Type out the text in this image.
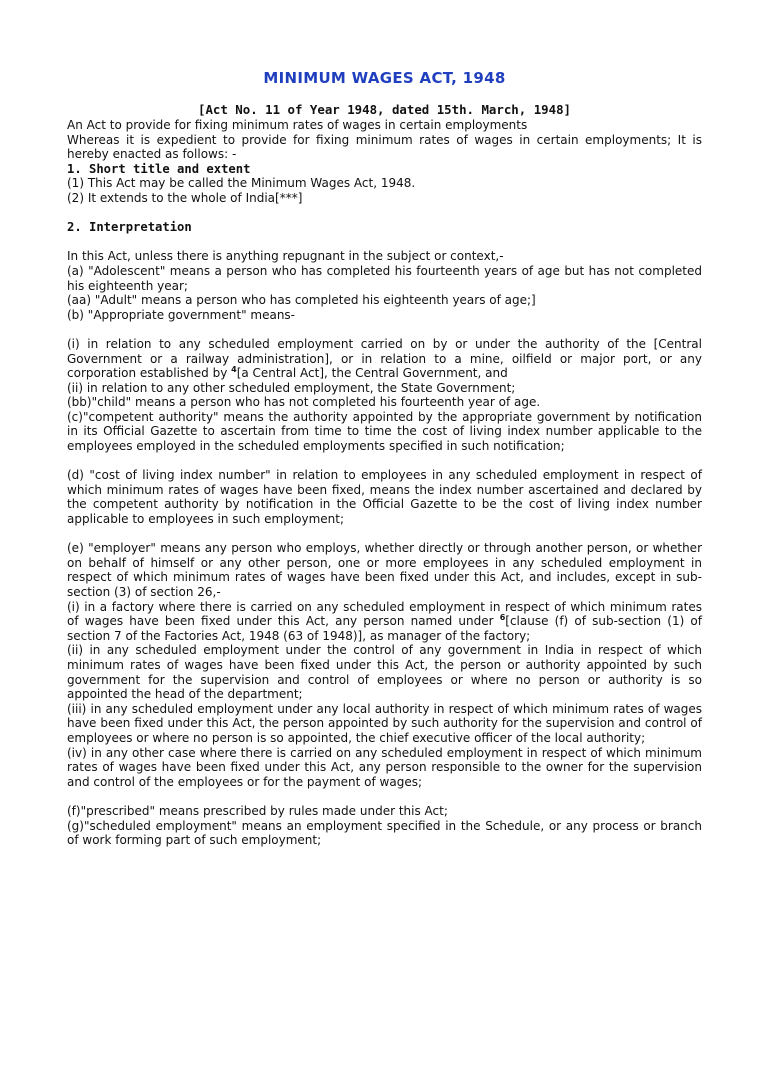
MINIMUM WAGES ACT, 1948
[Act No. 11 of Year 1948, dated 15th. March, 1948]

An Act to provide for fixing minimum rates of wages in certain employments

Whereas it is expedient to provide for fixing minimum rates of wages in certain employments; It is hereby enacted as follows: -

1. Short title and extent

(1) This Act may be called the Minimum Wages Act, 1948.

(2) It extends to the whole of India[***]

2. Interpretation

In this Act, unless there is anything repugnant in the subject or context,-

(a) "Adolescent" means a person who has completed his fourteenth years of age but has not completed his eighteenth year;

(aa) "Adult" means a person who has completed his eighteenth years of age;]

(b) "Appropriate government" means-

(i) in relation to any scheduled employment carried on by or under the authority of the [Central Government or a railway administration], or in relation to a mine, oilfield or major port, or any corporation established by $^4$[a Central Act], the Central Government, and

(ii) in relation to any other scheduled employment, the State Government;

(bb)"child" means a person who has not completed his fourteenth year of age.

(c)"competent authority" means the authority appointed by the appropriate government by notification in its Official Gazette to ascertain from time to time the cost of living index number applicable to the employees employed in the scheduled employments specified in such notification;

(d) "cost of living index number" in relation to employees in any scheduled employment in respect of which minimum rates of wages have been fixed, means the index number ascertained and declared by the competent authority by notification in the Official Gazette to be the cost of living index number applicable to employees in such employment;

(e) "employer" means any person who employs, whether directly or through another person, or whether on behalf of himself or any other person, one or more employees in any scheduled employment in respect of which minimum rates of wages have been fixed under this Act, and includes, except in sub-section (3) of section 26,-

(i) in a factory where there is carried on any scheduled employment in respect of which minimum rates of wages have been fixed under this Act, any person named under $^6$[clause (f) of sub-section (1) of section 7 of the Factories Act, 1948 (63 of 1948)], as manager of the factory;

(ii) in any scheduled employment under the control of any government in India in respect of which minimum rates of wages have been fixed under this Act, the person or authority appointed by such government for the supervision and control of employees or where no person or authority is so appointed the head of the department;

(iii) in any scheduled employment under any local authority in respect of which minimum rates of wages have been fixed under this Act, the person appointed by such authority for the supervision and control of employees or where no person is so appointed, the chief executive officer of the local authority;

(iv) in any other case where there is carried on any scheduled employment in respect of which minimum rates of wages have been fixed under this Act, any person responsible to the owner for the supervision and control of the employees or for the payment of wages;

(f)"prescribed" means prescribed by rules made under this Act;

(g)"scheduled employment" means an employment specified in the Schedule, or any process or branch of work forming part of such employment;
